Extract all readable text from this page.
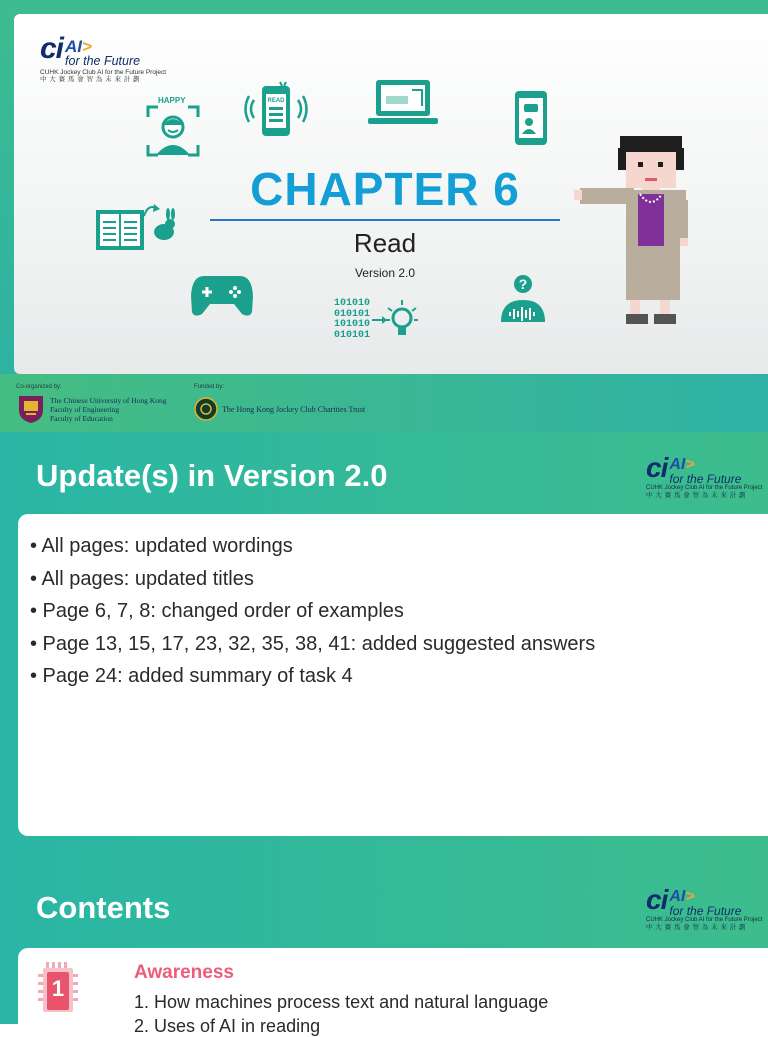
ci AI>
for the Future
CUHK Jockey Club AI for the Future Project
中 大 賽 馬 會 智 為 未 來 計 劃
HAPPY	READ
101010
010101
101010
010101
?
CHAPTER 6
Read
Version 2.0
Co-organized by:
The Chinese University of Hong Kong
Faculty of Engineering
Faculty of Education
Funded by:
The Hong Kong Jockey Club Charities Trust
Update(s) in Version 2.0	ci AI>
for the Future
CUHK Jockey Club AI for the Future Project
中 大 賽 馬 會 智 為 未 來 計 劃
• All pages: updated wordings
• All pages: updated titles
• Page 6, 7, 8: changed order of examples
• Page 13, 15, 17, 23, 32, 35, 38, 41: added suggested answers
• Page 24: added summary of task 4
Contents	ci AI>
for the Future
CUHK Jockey Club AI for the Future Project
中 大 賽 馬 會 智 為 未 來 計 劃
1
Awareness
1. How machines process text and natural language
2. Uses of AI in reading
